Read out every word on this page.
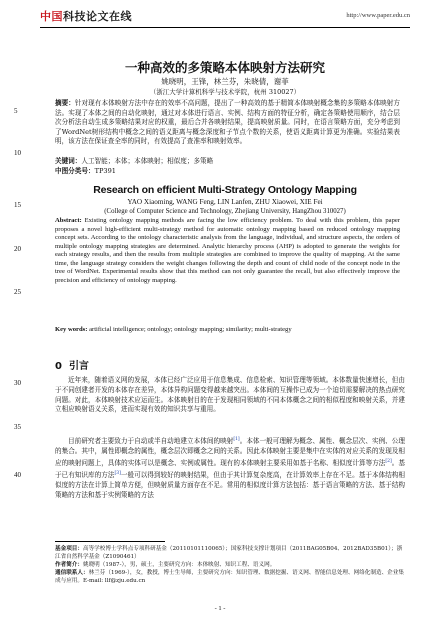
中国科技论文在线	http://www.paper.edu.cn
5
10
15
20
25
30
35
40
一种高效的多策略本体映射方法研究
姚晓明，王锋，林兰芬，朱晓倩，谢菲
（浙江大学计算机科学与技术学院，杭州 310027）
摘要：针对现有本体映射方法中存在的效率不高问题，提出了一种高效的基于精简本体映射概念集的多策略本体映射方法。实现了本体之间的自动化映射，通过对本体进行语言、实例、结构方面的特征分析，确定各策略使用顺序，结合层次分析法自动生成多策略结果对应的权重，最后合并各映射结果，提高映射质量。同时，在语言策略方面，充分考虑到了WordNet树形结构中概念之间的语义距离与概念深度和子节点个数的关系，使语义距离计算更为准确。实验结果表明，该方法在保证查全率的同时，有效提高了查准率和映射效率。
关键词：人工智能；本体；本体映射；相似度；多策略
中图分类号：TP391
Research on efficient Multi-Strategy Ontology Mapping
YAO Xiaoming, WANG Feng, LIN Lanfen, ZHU Xiaowei, XIE Fei
(College of Computer Science and Technology, Zhejiang University, HangZhou 310027)
Abstract: Existing ontology mapping methods are facing the low efficiency problem. To deal with this problem, this paper proposes a novel high-efficient multi-strategy method for automatic ontology mapping based on reduced ontology mapping concept sets. According to the ontology characteristic analysis from the language, individual, and structure aspects, the orders of multiple ontology mapping strategies are determined. Analytic hierarchy process (AHP) is adopted to generate the weights for each strategy results, and then the results from multiple strategies are combined to improve the quality of mapping. At the same time, the language strategy considers the weight changes following the depth and count of child node of the concept node in the tree of WordNet. Experimental results show that this method can not only guarantee the recall, but also effectively improve the precision and efficiency of ontology mapping.
Key words: artificial intelligence; ontology; ontology mapping; similarity; multi-strategy
0 引言
近年来，随着语义网的发展，本体已经广泛应用于信息集成、信息检索、知识管理等领域。本体数量快速增长，但由于不同创建者开发的本体存在差异，本体异构问题变得越来越突出。本体间的互操作已成为一个迫切需要解决的热点研究问题。对此，本体映射技术应运而生。本体映射目的在于发现相同领域的不同本体概念之间的相似程度和映射关系，并建立相应映射语义关系，进而实现有效的知识共享与重用。
目前研究者主要致力于自动或半自动地建立本体间的映射[1]。本体一般可理解为概念、属性、概念层次、实例、公理的集合。其中，属性即概念的属性，概念层次即概念之间的关系。因此本体映射主要是集中在实体的对应关系的发现及相应的映射问题上，具体的实体可以是概念、实例或属性。现有的本体映射主要采用如基于名称、相似度计算等方法[2]。基于已有知识库的方法[3]一般可以得到较好的映射结果，但由于其计算复杂度高，在计算效率上存在不足。基于本体结构相似度的方法在计算上简单方便，但映射质量方面存在不足。常用的相似度计算方法包括：基于语言策略的方法、基于结构策略的方法和基于实例策略的方法
基金项目：高等学校博士学科点专项科研基金（20110101110065）；国家科技支撑计划项目（2011BAG05B04、2012BAD35B01）；浙江省自然科学基金（Z1090461）
作者简介：姚晓明（1987-），男，硕士，主要研究方向：本体映射、知识工程、语义网。
通信联系人：林兰芬（1969-），女，教授，博士生导师，主要研究方向：知识管理、数据挖掘、语义网、智能信息处理、网络化制造、企业集成与应用。E-mail: llf@zju.edu.cn
- 1 -
